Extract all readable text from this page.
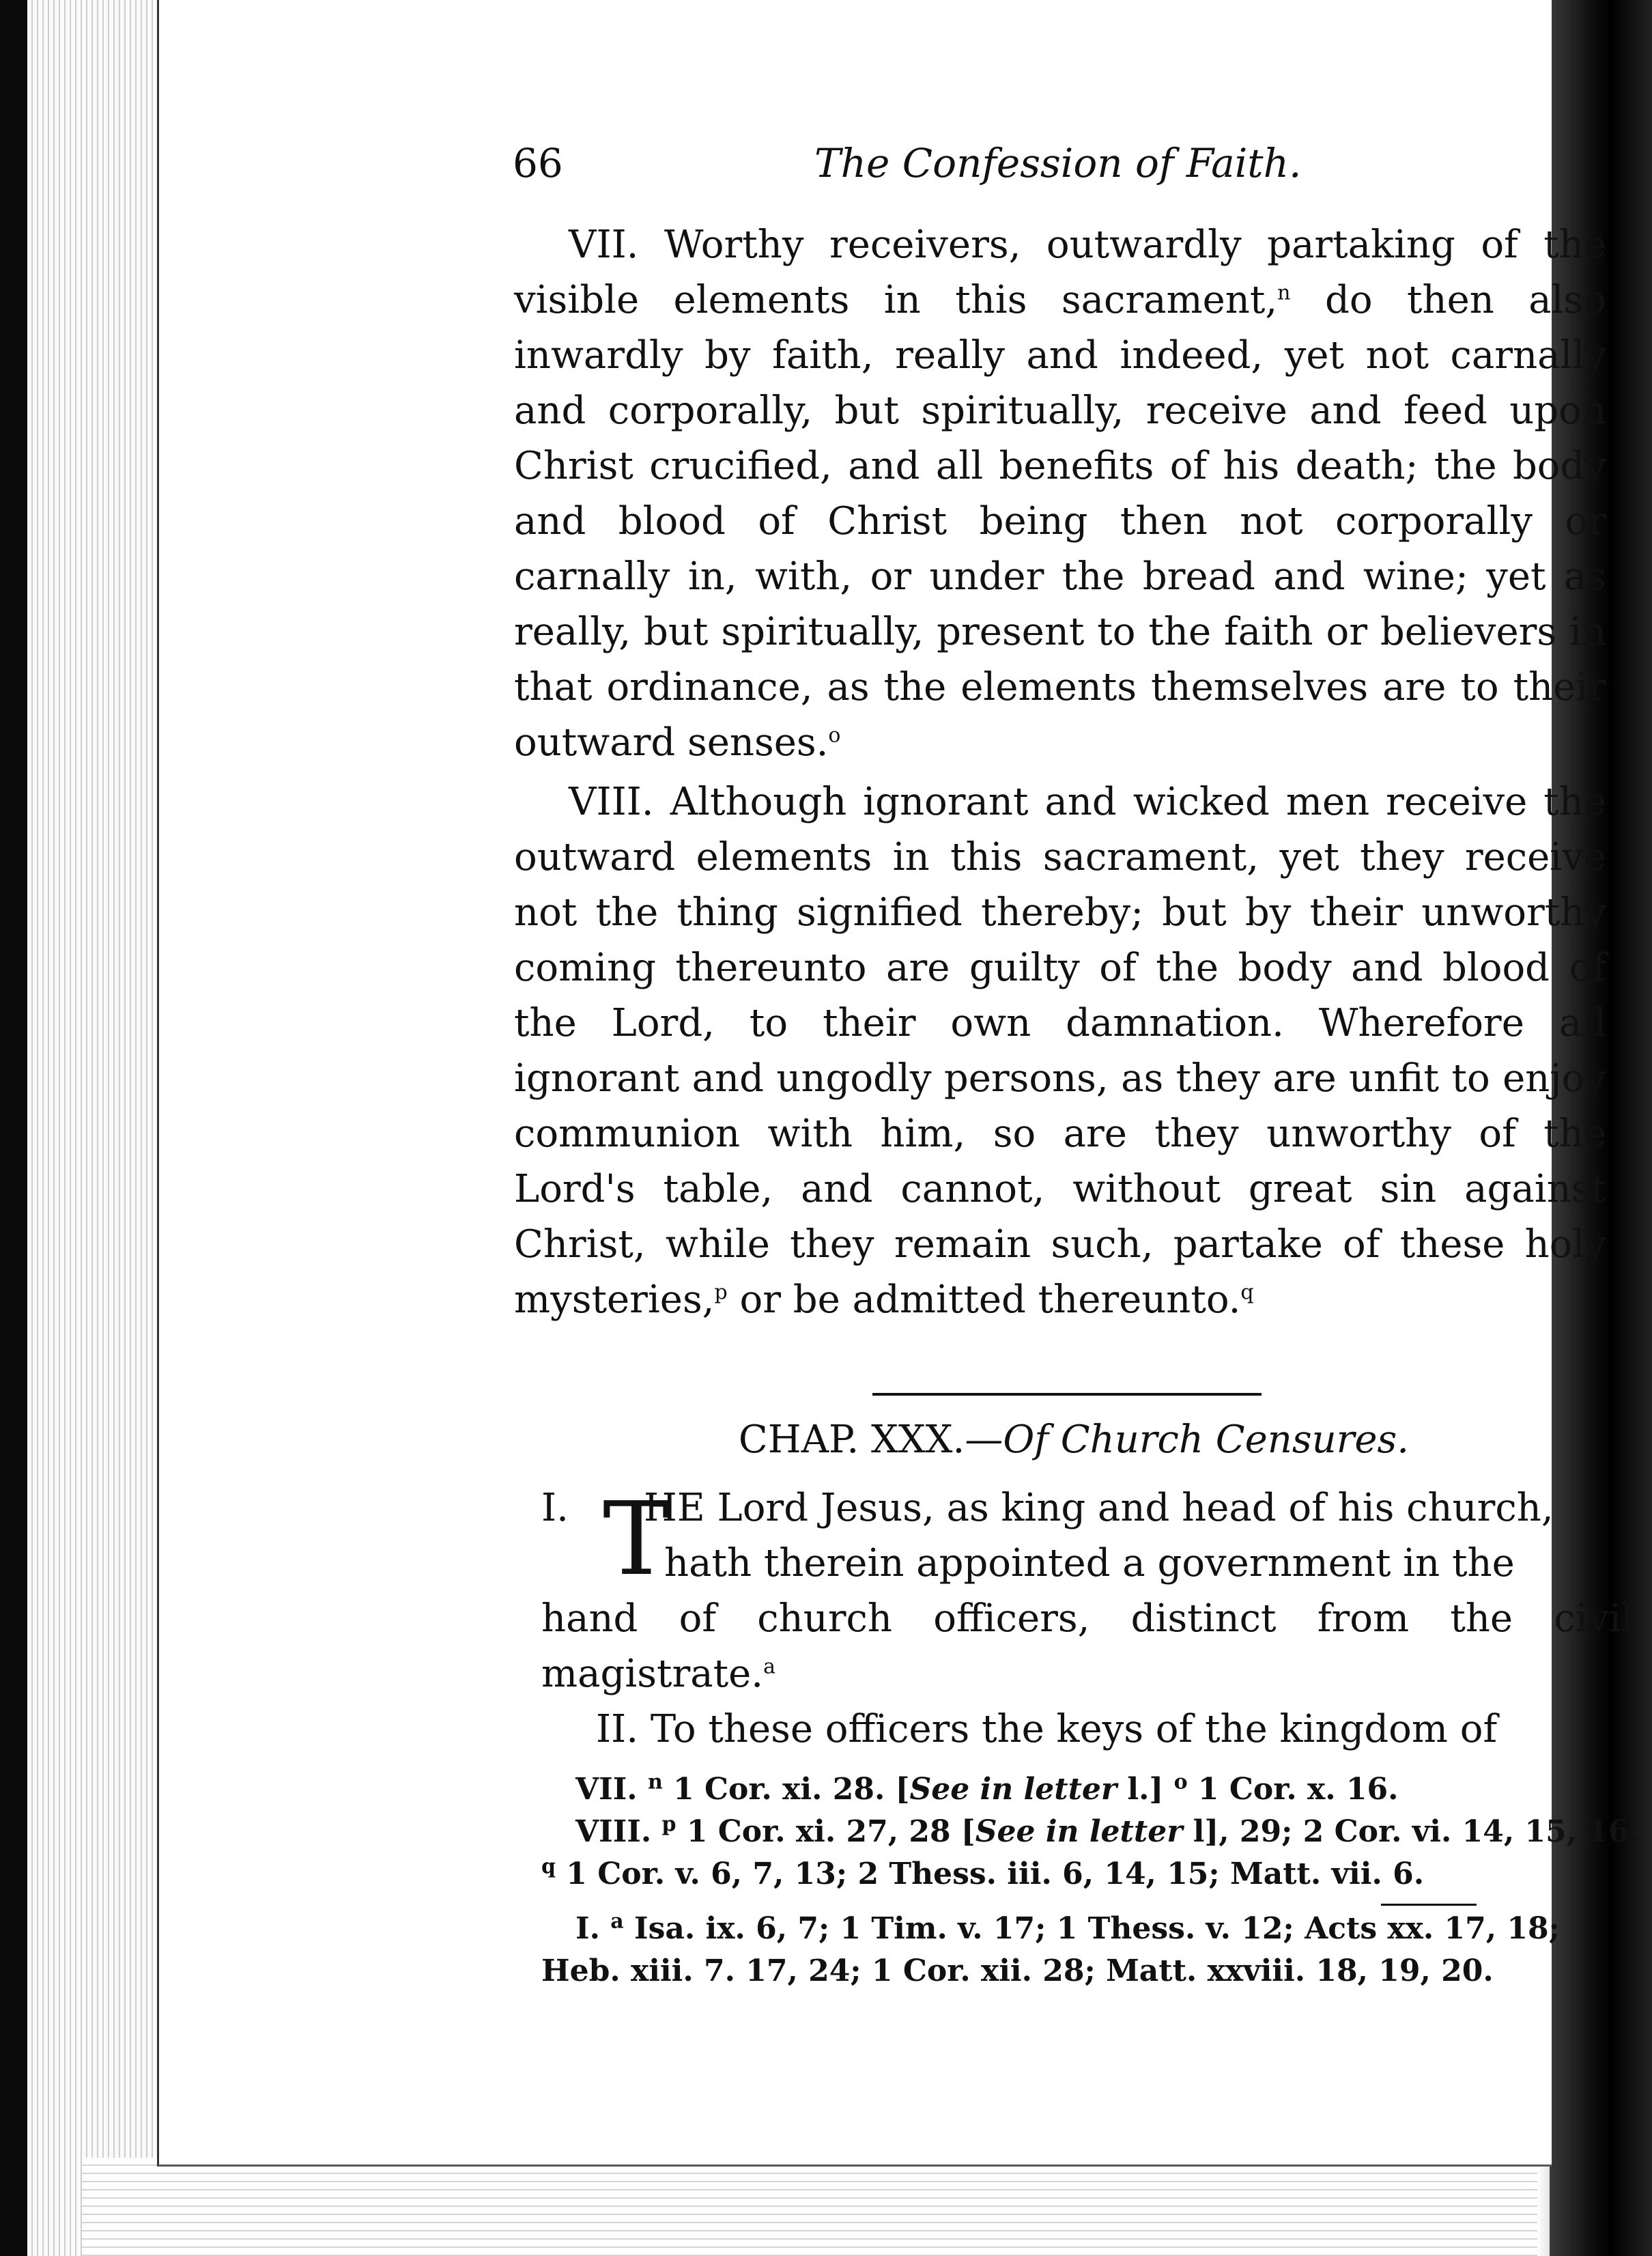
66	The Confession of Faith.

VII. Worthy receivers, outwardly partaking of the visible elements in this sacrament,$^n$ do then also inwardly by faith, really and indeed, yet not carnally and corporally, but spiritually, receive and feed upon Christ crucified, and all benefits of his death; the body and blood of Christ being then not corporally or carnally in, with, or under the bread and wine; yet as really, but spiritually, present to the faith or believers in that ordinance, as the elements themselves are to their outward senses.$^o$

VIII. Although ignorant and wicked men receive the outward elements in this sacrament, yet they receive not the thing signified thereby; but by their unworthy coming thereunto are guilty of the body and blood of the Lord, to their own damnation. Wherefore all ignorant and ungodly persons, as they are unfit to enjoy communion with him, so are they unworthy of the Lord's table, and cannot, without great sin against Christ, while they remain such, partake of these holy mysteries,$^p$ or be admitted thereunto.$^q$

CHAP. XXX.—Of Church Censures.
I. T

HE Lord Jesus, as king and head of his church,

hath therein appointed a government in the

hand of church officers, distinct from the civil magistrate.$^a$

II. To these officers the keys of the kingdom of

VII. $^n$ 1 Cor. xi. 28. [See in letter l.] $^o$ 1 Cor. x. 16.
VIII. $^p$ 1 Cor. xi. 27, 28 [See in letter l], 29; 2 Cor. vi. 14, 15, 16.
$^q$ 1 Cor. v. 6, 7, 13; 2 Thess. iii. 6, 14, 15; Matt. vii. 6.
I. $^a$ Isa. ix. 6, 7; 1 Tim. v. 17; 1 Thess. v. 12; Acts xx. 17, 18;
Heb. xiii. 7. 17, 24; 1 Cor. xii. 28; Matt. xxviii. 18, 19, 20.
